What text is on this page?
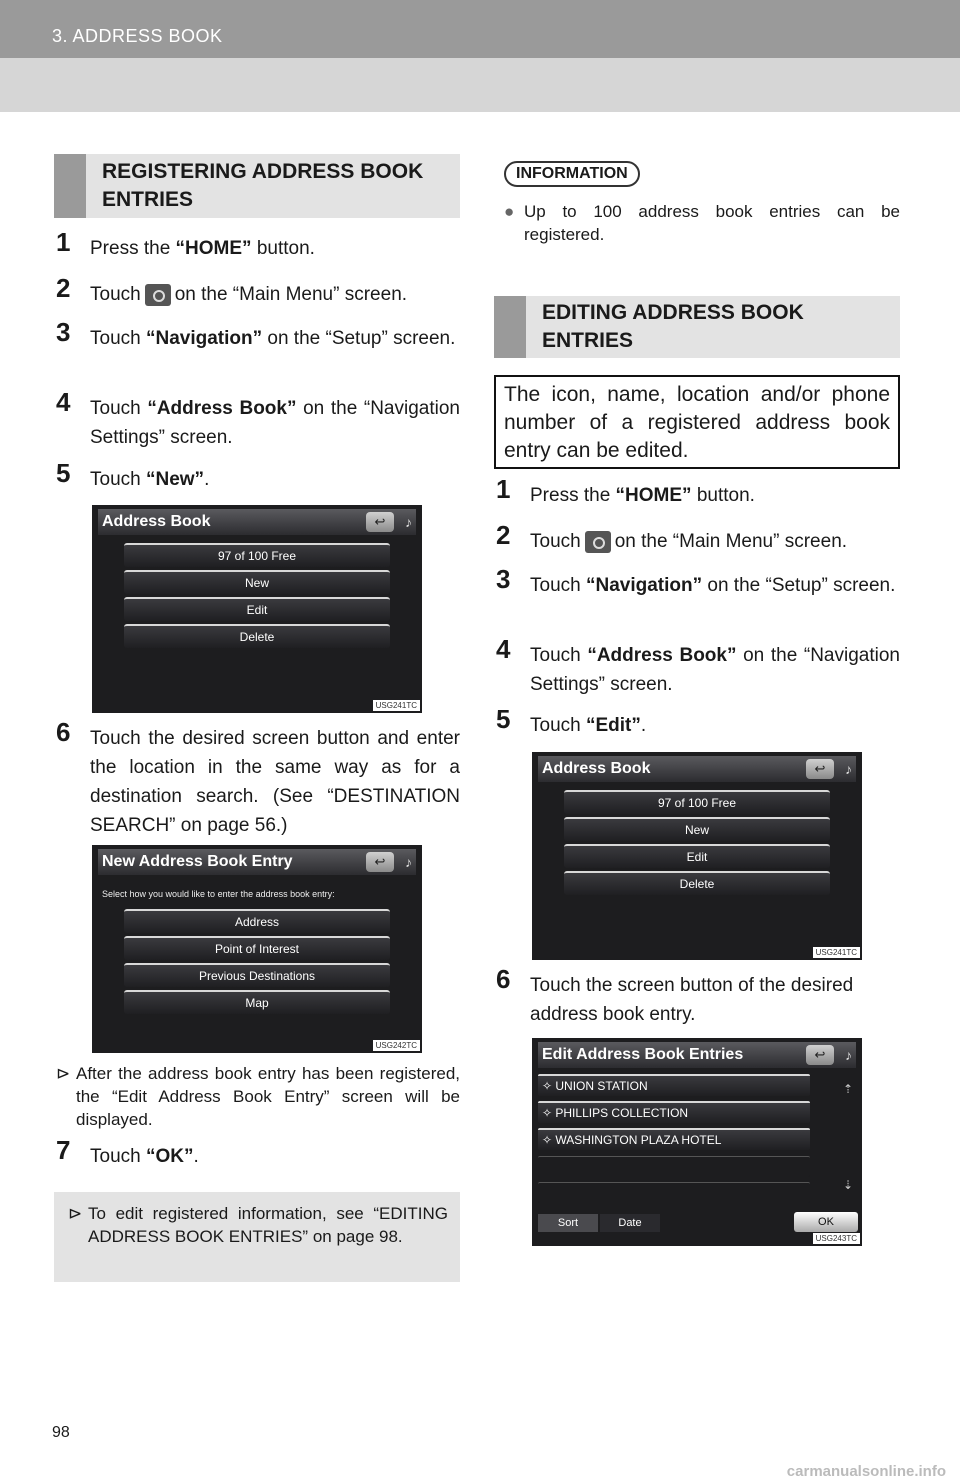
3. ADDRESS BOOK
REGISTERING ADDRESS BOOK ENTRIES
1 Press the “HOME” button.
2 Touch on the “Main Menu” screen.
3 Touch “Navigation” on the “Setup” screen.
4 Touch “Address Book” on the “Navigation Settings” screen.
5 Touch “New”.
Address Book	↩	♪
97 of 100 Free
New
Edit
Delete
USG241TC
6 Touch the desired screen button and enter the location in the same way as for a destination search. (See “DESTINATION SEARCH” on page 56.)
New Address Book Entry	↩	♪
Select how you would like to enter the address book entry:
Address
Point of Interest
Previous Destinations
Map
USG242TC
⊳ After the address book entry has been registered, the “Edit Address Book Entry” screen will be displayed.
7 Touch “OK”.
⊳ To edit registered information, see “EDITING ADDRESS BOOK ENTRIES” on page 98.
INFORMATION
● Up to 100 address book entries can be registered.
EDITING ADDRESS BOOK ENTRIES
The icon, name, location and/or phone number of a registered address book entry can be edited.
1 Press the “HOME” button.
2 Touch on the “Main Menu” screen.
3 Touch “Navigation” on the “Setup” screen.
4 Touch “Address Book” on the “Navigation Settings” screen.
5 Touch “Edit”.
Address Book	↩	♪
97 of 100 Free
New
Edit
Delete
USG241TC
6 Touch the screen button of the desired address book entry.
Edit Address Book Entries	↩	♪
✧ UNION STATION
✧ PHILLIPS COLLECTION
✧ WASHINGTON PLAZA HOTEL
⇡
⇣
Sort	Date	OK
USG243TC
98
carmanualsonline.info
